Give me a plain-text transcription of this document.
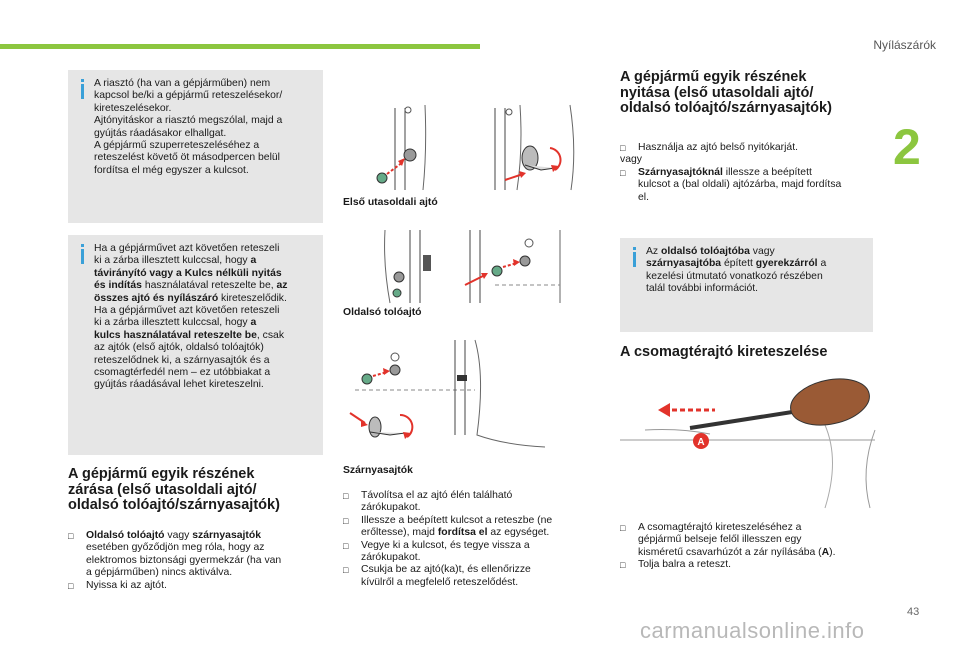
Nyílászárók
2

A riasztó (ha van a gépjárműben) nem

kapcsol be/ki a gépjármű reteszelésekor/

kireteszelésekor.

Ajtónyitáskor a riasztó megszólal, majd a

gyújtás ráadásakor elhallgat.

A gépjármű szuperreteszeléséhez a

reteszelést követő öt másodpercen belül

fordítsa el még egyszer a kulcsot.

Ha a gépjárművet azt követően reteszeli

ki a zárba illesztett kulccsal, hogy a

távirányító vagy a Kulcs nélküli nyitás

és indítás használatával reteszelte be, az

összes ajtó és nyílászáró kireteszelődik.

Ha a gépjárművet azt követően reteszeli

ki a zárba illesztett kulccsal, hogy a

kulcs használatával reteszelte be, csak

az ajtók (első ajtók, oldalsó tolóajtók)

reteszelődnek ki, a szárnyasajtók és a

csomagtérfedél nem – ez utóbbiakat a

gyújtás ráadásával lehet kireteszelni.

A gépjármű egyik részének
zárása (első utasoldali ajtó/
oldalsó tolóajtó/szárnyasajtók)
□ Oldalsó tolóajtó vagy szárnyasajtók
esetében győződjön meg róla, hogy az
elektromos biztonsági gyermekzár (ha van
a gépjárműben) nincs aktiválva.
□ Nyissa ki az ajtót.
Első utasoldali ajtó
Oldalsó tolóajtó
Szárnyasajtók
□ Távolítsa el az ajtó élén található
zárókupakot.
□ Illessze a beépített kulcsot a reteszbe (ne
erőltesse), majd fordítsa el az egységet.
□ Vegye ki a kulcsot, és tegye vissza a
zárókupakot.
□ Csukja be az ajtó(ka)t, és ellenőrizze
kívülről a megfelelő reteszelődést.
A gépjármű egyik részének
nyitása (első utasoldali ajtó/
oldalsó tolóajtó/szárnyasajtók)
□ Használja az ajtó belső nyitókarját.
vagy
□ Szárnyasajtóknál illessze a beépített
kulcsot a (bal oldali) ajtózárba, majd fordítsa
el.

Az oldalsó tolóajtóba vagy

szárnyasajtóba épített gyerekzárról a

kezelési útmutató vonatkozó részében

talál további információt.

A csomagtérajtó kireteszelése
A
□ A csomagtérajtó kireteszeléséhez a
gépjármű belseje felől illesszen egy
kisméretű csavarhúzót a zár nyílásába (A).
□ Tolja balra a reteszt.
43
carmanualsonline.info
